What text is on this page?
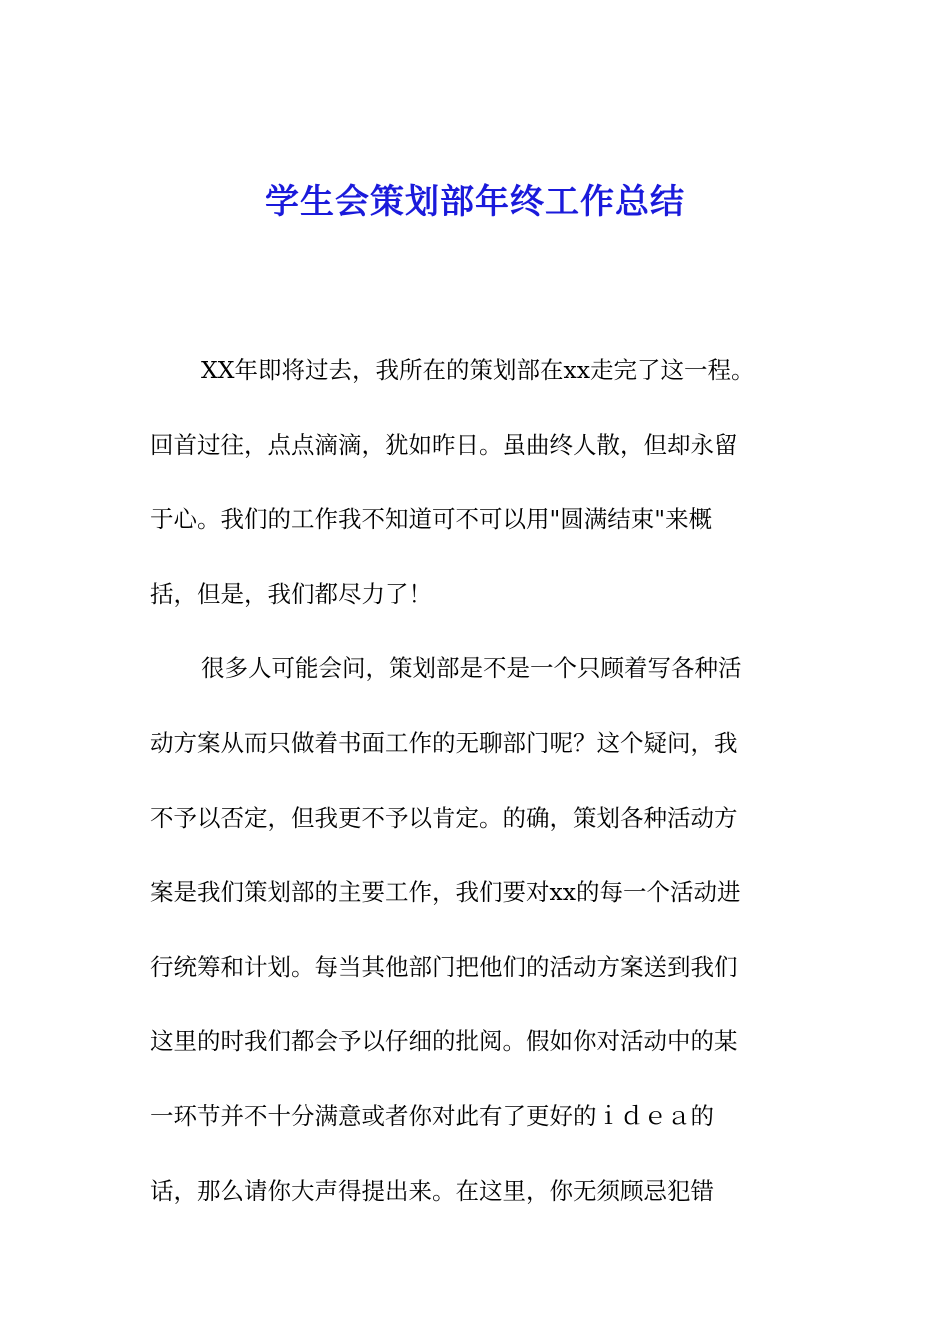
学生会策划部年终工作总结
XX年即将过去，我所在的策划部在xx走完了这一程。
回首过往，点点滴滴，犹如昨日。虽曲终人散，但却永留
于心。我们的工作我不知道可不可以用"圆满结束"来概
括，但是，我们都尽力了！
很多人可能会问，策划部是不是一个只顾着写各种活
动方案从而只做着书面工作的无聊部门呢？这个疑问，我
不予以否定，但我更不予以肯定。的确，策划各种活动方
案是我们策划部的主要工作，我们要对xx的每一个活动进
行统筹和计划。每当其他部门把他们的活动方案送到我们
这里的时我们都会予以仔细的批阅。假如你对活动中的某
一环节并不十分满意或者你对此有了更好的ｉｄｅａ的
话，那么请你大声得提出来。在这里，你无须顾忌犯错
